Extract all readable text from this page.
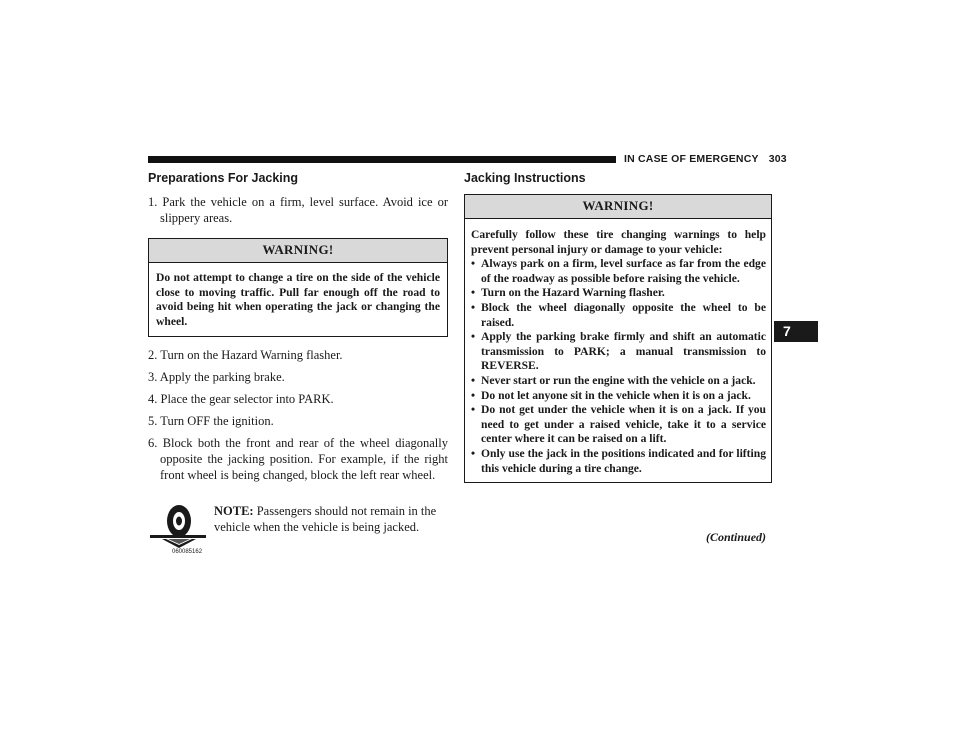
IN CASE OF EMERGENCY 303
7
Preparations For Jacking

1. Park the vehicle on a firm, level surface. Avoid ice or slippery areas.

WARNING!
Do not attempt to change a tire on the side of the vehicle close to moving traffic. Pull far enough off the road to avoid being hit when operating the jack or changing the wheel.

2. Turn on the Hazard Warning flasher.

3. Apply the parking brake.

4. Place the gear selector into PARK.

5. Turn OFF the ignition.

6. Block both the front and rear of the wheel diagonally opposite the jacking position. For example, if the right front wheel is being changed, block the left rear wheel.

060085162
NOTE: Passengers should not remain in the vehicle when the vehicle is being jacked.
Jacking Instructions
WARNING!
Carefully follow these tire changing warnings to help prevent personal injury or damage to your vehicle:
• Always park on a firm, level surface as far from the edge of the roadway as possible before raising the vehicle.
• Turn on the Hazard Warning flasher.
• Block the wheel diagonally opposite the wheel to be raised.
• Apply the parking brake firmly and shift an automatic transmission to PARK; a manual transmission to REVERSE.
• Never start or run the engine with the vehicle on a jack.
• Do not let anyone sit in the vehicle when it is on a jack.
• Do not get under the vehicle when it is on a jack. If you need to get under a raised vehicle, take it to a service center where it can be raised on a lift.
• Only use the jack in the positions indicated and for lifting this vehicle during a tire change.
(Continued)
